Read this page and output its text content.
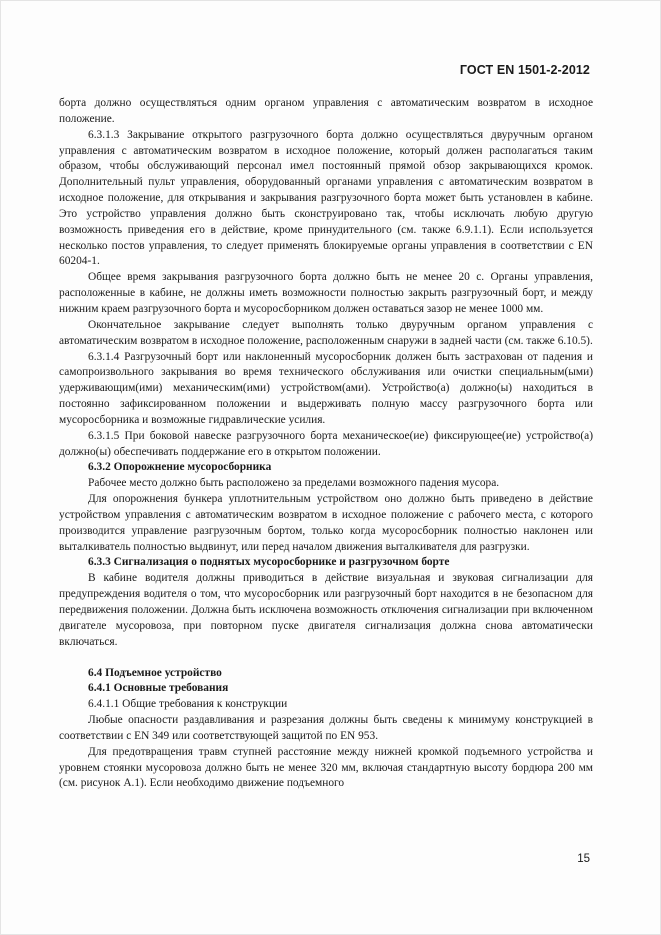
ГОСТ EN 1501-2-2012

борта должно осуществляться одним органом управления с автоматическим возвратом в исходное положение.

6.3.1.3 Закрывание открытого разгрузочного борта должно осуществляться двуручным органом управления с автоматическим возвратом в исходное положение, который должен располагаться таким образом, чтобы обслуживающий персонал имел постоянный прямой обзор закрывающихся кромок. Дополнительный пульт управления, оборудованный органами управления с автоматическим возвратом в исходное положение, для открывания и закрывания разгрузочного борта может быть установлен в кабине. Это устройство управления должно быть сконструировано так, чтобы исключать любую другую возможность приведения его в действие, кроме принудительного (см. также 6.9.1.1). Если используется несколько постов управления, то следует применять блокируемые органы управления в соответствии с EN 60204-1.

Общее время закрывания разгрузочного борта должно быть не менее 20 с. Органы управления, расположенные в кабине, не должны иметь возможности полностью закрыть разгрузочный борт, и между нижним краем разгрузочного борта и мусоросборником должен оставаться зазор не менее 1000 мм.

Окончательное закрывание следует выполнять только двуручным органом управления с автоматическим возвратом в исходное положение, расположенным снаружи в задней части (см. также 6.10.5).

6.3.1.4 Разгрузочный борт или наклоненный мусоросборник должен быть застрахован от падения и самопроизвольного закрывания во время технического обслуживания или очистки специальным(ыми) удерживающим(ими) механическим(ими) устройством(ами). Устройство(а) должно(ы) находиться в постоянно зафиксированном положении и выдерживать полную массу разгрузочного борта или мусоросборника и возможные гидравлические усилия.

6.3.1.5 При боковой навеске разгрузочного борта механическое(ие) фиксирующее(ие) устройство(а) должно(ы) обеспечивать поддержание его в открытом положении.

6.3.2 Опорожнение мусоросборника

Рабочее место должно быть расположено за пределами возможного падения мусора.

Для опорожнения бункера уплотнительным устройством оно должно быть приведено в действие устройством управления с автоматическим возвратом в исходное положение с рабочего места, с которого производится управление разгрузочным бортом, только когда мусоросборник полностью наклонен или выталкиватель полностью выдвинут, или перед началом движения выталкивателя для разгрузки.

6.3.3 Сигнализация о поднятых мусоросборнике и разгрузочном борте

В кабине водителя должны приводиться в действие визуальная и звуковая сигнализации для предупреждения водителя о том, что мусоросборник или разгрузочный борт находится в не безопасном для передвижения положении. Должна быть исключена возможность отключения сигнализации при включенном двигателе мусоровоза, при повторном пуске двигателя сигнализация должна снова автоматически включаться.

6.4 Подъемное устройство

6.4.1 Основные требования

6.4.1.1 Общие требования к конструкции

Любые опасности раздавливания и разрезания должны быть сведены к минимуму конструкцией в соответствии с EN 349 или соответствующей защитой по EN 953.

Для предотвращения травм ступней расстояние между нижней кромкой подъемного устройства и уровнем стоянки мусоровоза должно быть не менее 320 мм, включая стандартную высоту бордюра 200 мм (см. рисунок А.1). Если необходимо движение подъемного

15
